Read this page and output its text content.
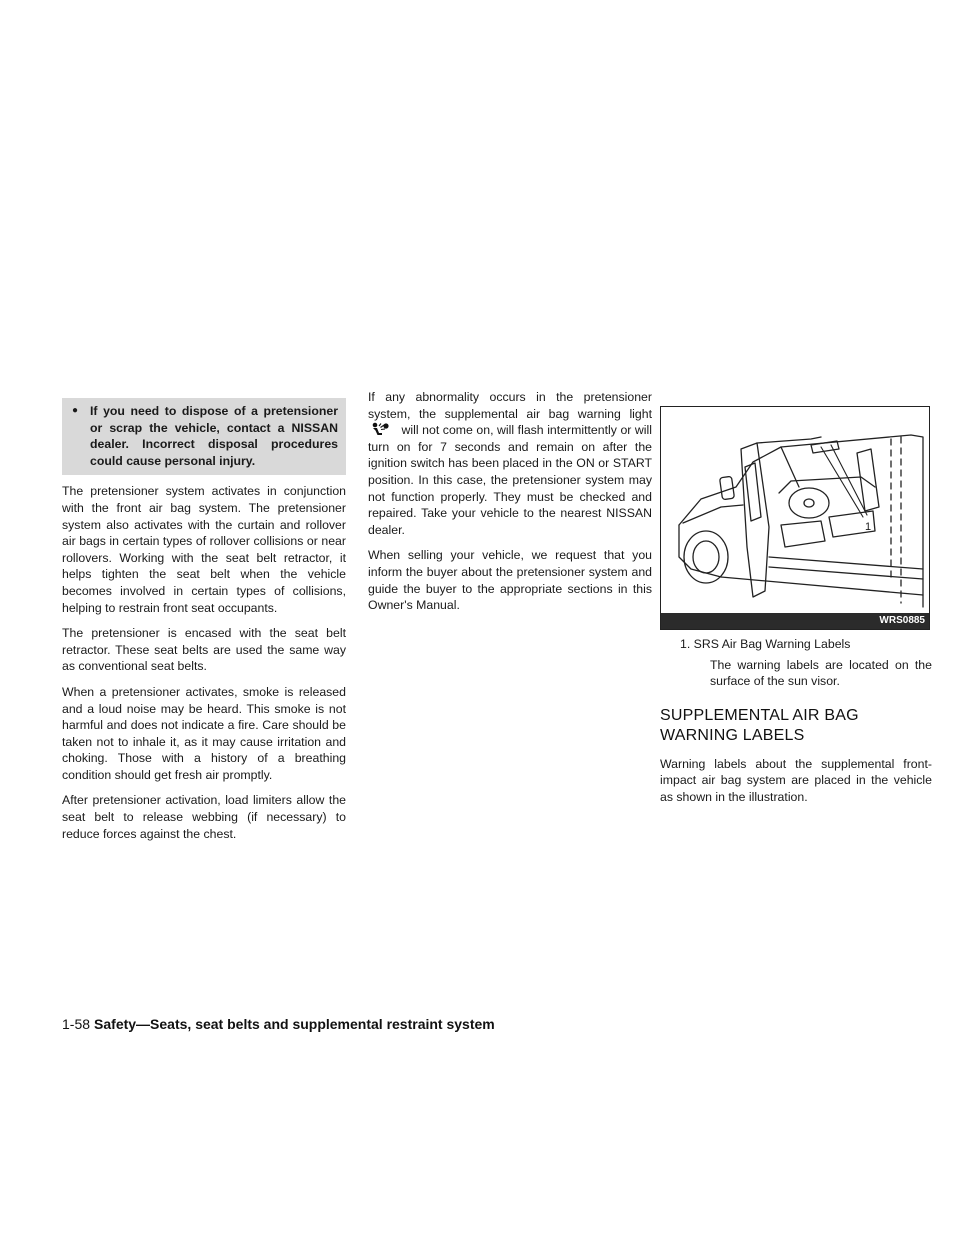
● If you need to dispose of a pretensioner or scrap the vehicle, contact a NISSAN dealer. Incorrect disposal procedures could cause personal injury.

The pretensioner system activates in conjunction with the front air bag system. The pretensioner system also activates with the curtain and rollover air bags in certain types of rollover collisions or near rollovers. Working with the seat belt retractor, it helps tighten the seat belt when the vehicle becomes involved in certain types of collisions, helping to restrain front seat occupants.

The pretensioner is encased with the seat belt retractor. These seat belts are used the same way as conventional seat belts.

When a pretensioner activates, smoke is released and a loud noise may be heard. This smoke is not harmful and does not indicate a fire. Care should be taken not to inhale it, as it may cause irritation and choking. Those with a history of a breathing condition should get fresh air promptly.

After pretensioner activation, load limiters allow the seat belt to release webbing (if necessary) to reduce forces against the chest.

If any abnormality occurs in the pretensioner system, the supplemental air bag warning light  will not come on, will flash intermittently or will turn on for 7 seconds and remain on after the ignition switch has been placed in the ON or START position. In this case, the pretensioner system may not function properly. They must be checked and repaired. Take your vehicle to the nearest NISSAN dealer.

When selling your vehicle, we request that you inform the buyer about the pretensioner system and guide the buyer to the appropriate sections in this Owner's Manual.

1
WRS0885

1. SRS Air Bag Warning Labels

The warning labels are located on the surface of the sun visor.

SUPPLEMENTAL AIR BAG
WARNING LABELS

Warning labels about the supplemental front-impact air bag system are placed in the vehicle as shown in the illustration.

1-58 Safety—Seats, seat belts and supplemental restraint system
